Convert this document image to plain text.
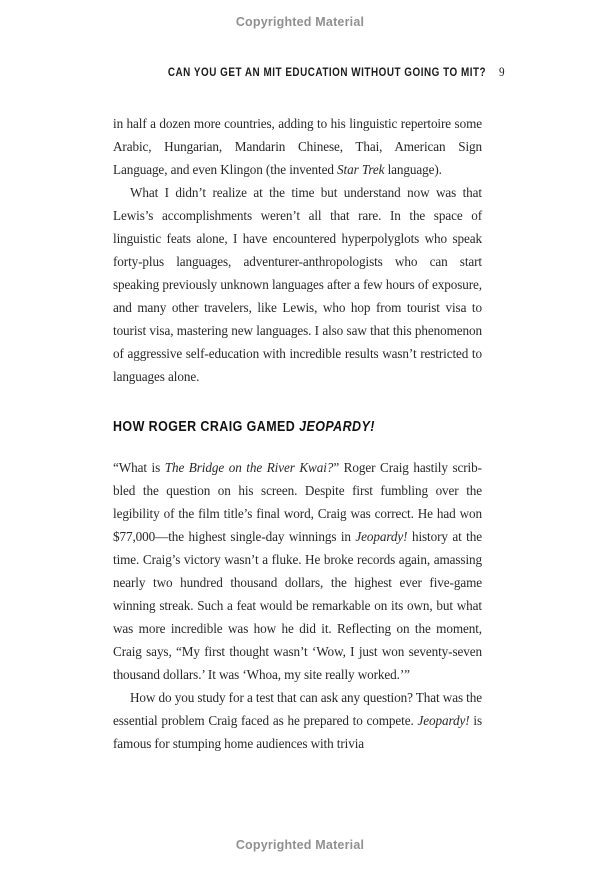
Copyrighted Material
CAN YOU GET AN MIT EDUCATION WITHOUT GOING TO MIT? 9

in half a dozen more countries, adding to his linguistic repertoire some Arabic, Hungarian, Mandarin Chinese, Thai, American Sign Language, and even Klingon (the invented Star Trek language).

What I didn’t realize at the time but understand now was that Lewis’s accomplishments weren’t all that rare. In the space of linguistic feats alone, I have encountered hyperpolyglots who speak forty-plus languages, adventurer-anthropologists who can start speaking previously unknown languages after a few hours of exposure, and many other travelers, like Lewis, who hop from tourist visa to tourist visa, mastering new languages. I also saw that this phenomenon of aggressive self-education with incredible results wasn’t restricted to languages alone.

HOW ROGER CRAIG GAMED JEOPARDY!

“What is The Bridge on the River Kwai?” Roger Craig hastily scribbled the question on his screen. Despite first fumbling over the legibility of the film title’s final word, Craig was correct. He had won $77,000—the highest single-day winnings in Jeopardy! history at the time. Craig’s victory wasn’t a fluke. He broke records again, amassing nearly two hundred thousand dollars, the highest ever five-game winning streak. Such a feat would be remarkable on its own, but what was more incredible was how he did it. Reflecting on the moment, Craig says, “My first thought wasn’t ‘Wow, I just won seventy-seven thousand dollars.’ It was ‘Whoa, my site really worked.’”

How do you study for a test that can ask any question? That was the essential problem Craig faced as he prepared to compete. Jeopardy! is famous for stumping home audiences with trivia

Copyrighted Material
